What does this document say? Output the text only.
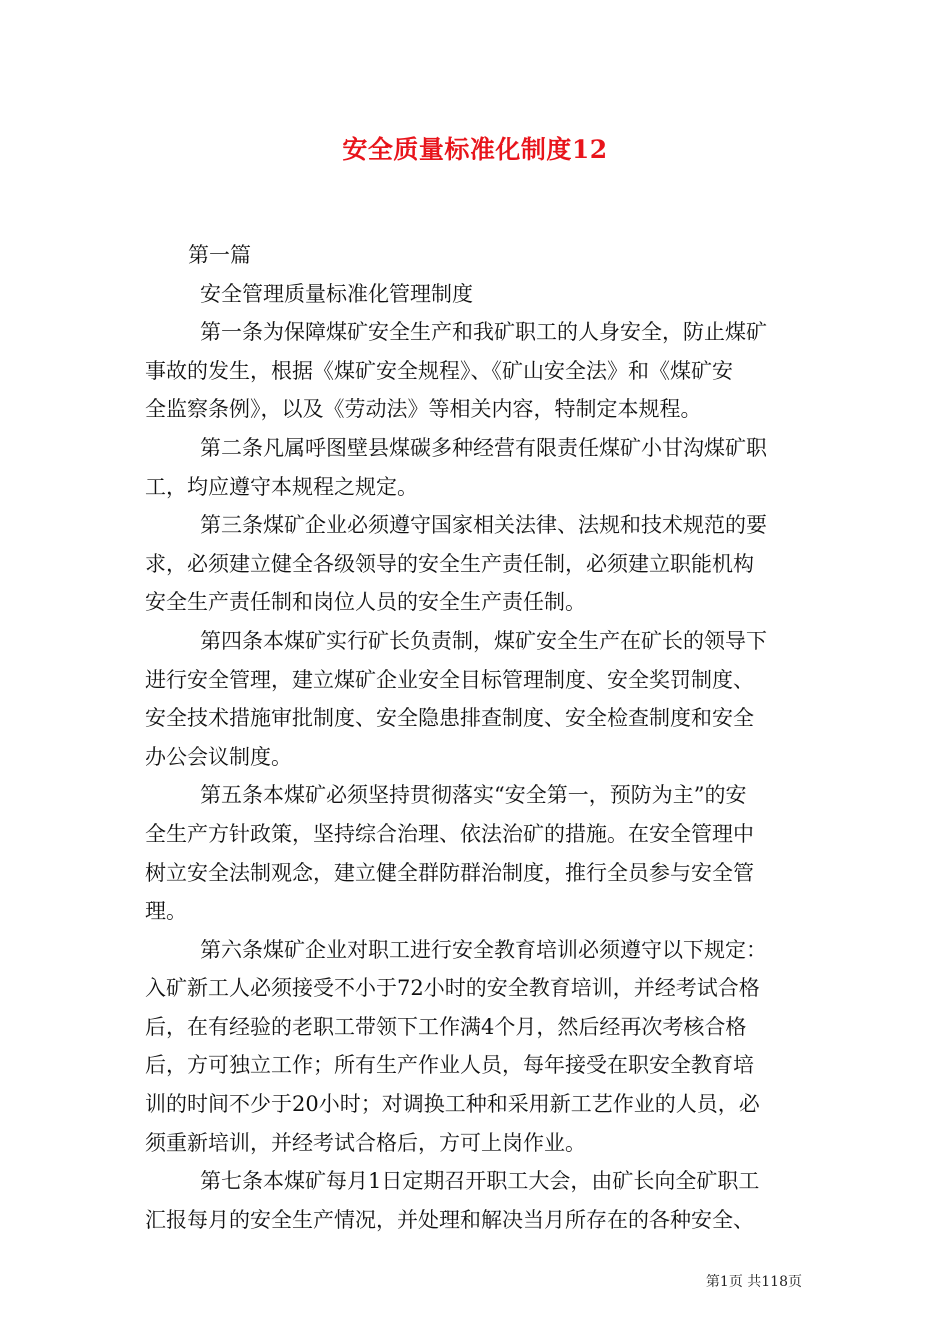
安全质量标准化制度12
第一篇
安全管理质量标准化管理制度
第一条为保障煤矿安全生产和我矿职工的人身安全，防止煤矿
事故的发生，根据《煤矿安全规程》、《矿山安全法》和《煤矿安
全监察条例》，以及《劳动法》等相关内容，特制定本规程。
第二条凡属呼图壁县煤碳多种经营有限责任煤矿小甘沟煤矿职
工，均应遵守本规程之规定。
第三条煤矿企业必须遵守国家相关法律、法规和技术规范的要
求，必须建立健全各级领导的安全生产责任制，必须建立职能机构
安全生产责任制和岗位人员的安全生产责任制。
第四条本煤矿实行矿长负责制，煤矿安全生产在矿长的领导下
进行安全管理，建立煤矿企业安全目标管理制度、安全奖罚制度、
安全技术措施审批制度、安全隐患排查制度、安全检查制度和安全
办公会议制度。
第五条本煤矿必须坚持贯彻落实“安全第一，预防为主”的安
全生产方针政策，坚持综合治理、依法治矿的措施。在安全管理中
树立安全法制观念，建立健全群防群治制度，推行全员参与安全管
理。
第六条煤矿企业对职工进行安全教育培训必须遵守以下规定：
入矿新工人必须接受不小于72小时的安全教育培训，并经考试合格
后，在有经验的老职工带领下工作满4个月，然后经再次考核合格
后，方可独立工作；所有生产作业人员，每年接受在职安全教育培
训的时间不少于20小时；对调换工种和采用新工艺作业的人员，必
须重新培训，并经考试合格后，方可上岗作业。
第七条本煤矿每月1日定期召开职工大会，由矿长向全矿职工
汇报每月的安全生产情况，并处理和解决当月所存在的各种安全、
第1页 共118页
